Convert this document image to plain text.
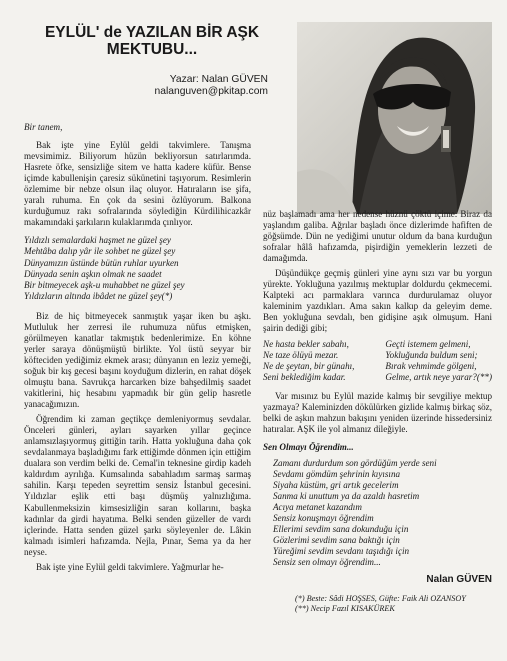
EYLÜL' de YAZILAN BİR AŞK
MEKTUBU...
Yazar: Nalan GÜVEN
nalanguven@pkitap.com

Bir tanem,

Bak işte yine Eylül geldi takvimlere. Tanışma mevsimimiz. Biliyorum hüzün bekliyorsun satırlarımda. Hasrete öfke, sensizliğe sitem ve hatta kadere küfür. Bense içimde kabullenişin çaresiz sükünetini taşıyorum. Resimlerin özlemime bir nebze olsun ilaç oluyor. Hatıraların ise şifa, yaralı ruhuma. En çok da sesini özlüyorum. Balkona kurduğumuz rakı sofralarında söylediğin Kürdilihicazkâr makamındaki şarkıların kulaklarımda çınlıyor.

Yıldızlı semalardaki haşmet ne güzel şey
Mehtâba dalıp yâr ile sohbet ne güzel şey
Dünyamızın üstünde bütün ruhlar uyurken
Dünyada senin aşkın olmak ne saadet
Bir bitmeyecek aşk-u muhabbet ne güzel şey
Yıldızların altında ibâdet ne güzel şey(*)

Biz de hiç bitmeyecek sanmıştık yaşar iken bu aşkı. Mutluluk her zerresi ile ruhumuza nüfus etmişken, görülmeyen kanatlar takmıştık bedenlerimize. En köhne yerler saraya dönüşmüştü birlikte. Yol üstü seyyar bir köfteciden yediğimiz ekmek arası; dünyanın en leziz yemeği, soğuk bir kış gecesi başını koyduğum dizlerin, en rahat döşek olmuştu bana. Savrukça harcarken bize bahşedilmiş saadet vakitlerini, hiç hesabını yapmadık bir gün gelip hasretle yanacağımızın.

Öğrendim ki zaman geçtikçe demleniyormuş sevdalar. Önceleri günleri, ayları sayarken yıllar geçince anlamsızlaşıyormuş gittiğin tarih. Hatta yokluğuna daha çok sevdalanmaya başladığımı fark ettiğimde dönmen için ettiğim dualara son verdim belki de. Cemal'in teknesine girdip kadeh kaldırdım ayrılığa. Kumsalında sabahladım sarmaş sarmaş sahilin. Karşı tepeden seyrettim sensiz İstanbul gecesini. Yıldızlar eşlik etti başı düşmüş yalnızlığıma. Kabullenmeksizin kimsesizliğin saran kollarını, başka kadınlar da girdi hayatıma. Belki senden güzeller de vardı içlerinde. Hatta senden güzel şarkı söyleyenler de. Lâkin kalmadı isimleri hafızamda. Nejla, Pınar, Sema ya da her neyse.

Bak işte yine Eylül geldi takvimlere. Yağmurlar he-

nüz başlamadı ama her nedense hüznü çöktü içime. Biraz da yaşlandım galiba. Ağrılar başladı önce dizlerimde hafiften de göğsümde. Dün ne yediğimi unutur oldum da bana kurduğun sofralar hâlâ hafızamda, pişirdiğin yemeklerin lezzeti de damağımda.

Düşündükçe geçmiş günleri yine aynı sızı var bu yorgun yürekte. Yokluğuna yazılmış mektuplar doldurdu çekmecemi. Kalpteki acı parmaklara varınca durdurulamaz oluyor kaleminim yazdıkları. Ama sakın kalkıp da geleyim deme. Ben yokluğuna sevdalı, ben gidişine aşık olmuşum. Hani şairin dediği gibi;

Ne hasta bekler sabahı,
Ne taze ölüyü mezar.
Ne de şeytan, bir günahı,
Seni beklediğim kadar.
Geçti istemem gelmeni,
Yokluğunda buldum seni;
Bırak vehmimde gölgeni,
Gelme, artık neye yarar?(**)

Var mısınız bu Eylül mazide kalmış bir sevgiliye mektup yazmaya? Kaleminizden dökülürken gizlide kalmış birkaç söz, belki de aşkın mahzun bakışını yeniden üzerinde hissedersiniz hatıralar. AŞK ile yol almanız dileğiyle.

Sen Olmayı Öğrendim...
Zamanı durdurdum son gördüğüm yerde seni
Sevdamı gömdüm şehrinin kıyısına
Siyaha küstüm, gri artık gecelerim
Sanma ki unuttum ya da azaldı hasretim
Acıya metanet kazandım
Sensiz konuşmayı öğrendim
Ellerimi sevdim sana dokunduğu için
Gözlerimi sevdim sana baktığı için
Yüreğimi sevdim sevdanı taşıdığı için
Sensiz sen olmayı öğrendim...
Nalan GÜVEN
(*) Beste: Sâdi HOŞSES, Güfte: Faik Ali OZANSOY
(**) Necip Fazıl KISAKÜREK
